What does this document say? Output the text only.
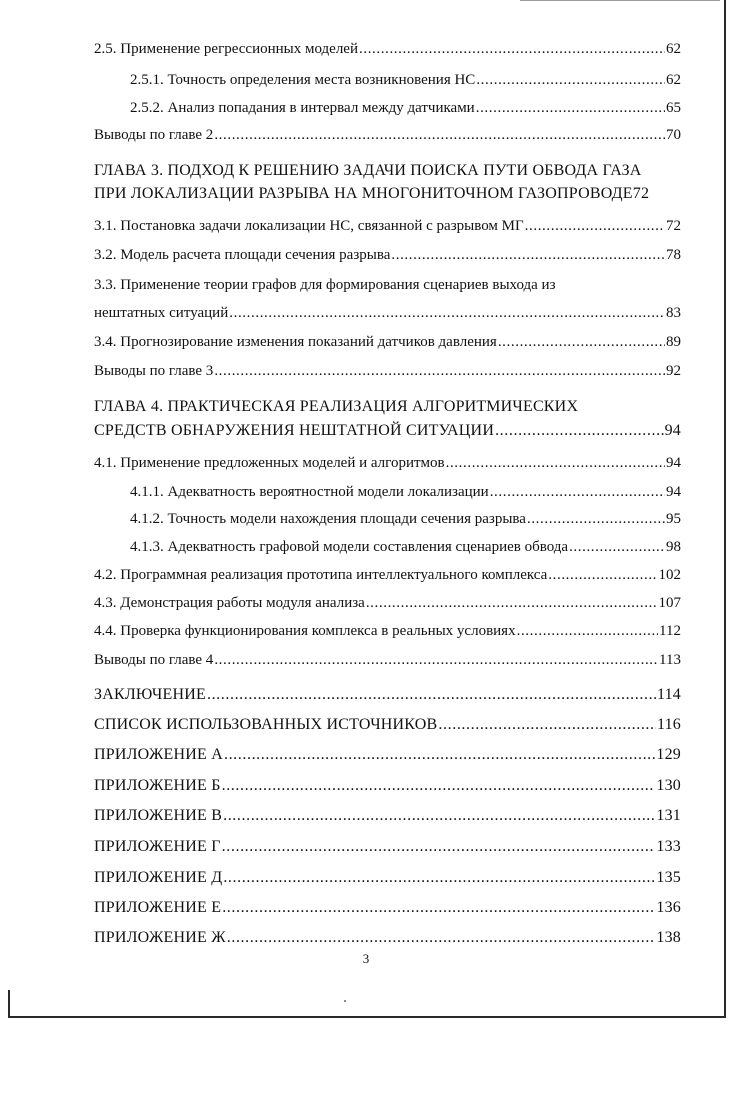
2.5. Применение регрессионных моделей .....	62
2.5.1. Точность определения места возникновения НС .....	62
2.5.2. Анализ попадания в интервал между датчиками .....	65
Выводы по главе 2 .....	70
ГЛАВА 3. ПОДХОД К РЕШЕНИЮ ЗАДАЧИ ПОИСКА ПУТИ ОБВОДА ГАЗА
ПРИ ЛОКАЛИЗАЦИИ РАЗРЫВА НА МНОГОНИТОЧНОМ ГАЗОПРОВОДЕ 72
3.1. Постановка задачи локализации НС, связанной с разрывом МГ .....	72
3.2. Модель расчета площади сечения разрыва .....	78
3.3. Применение теории графов для формирования сценариев выхода из
нештатных ситуаций .....	83
3.4. Прогнозирование изменения показаний датчиков давления .....	89
Выводы по главе 3 .....	92
ГЛАВА 4. ПРАКТИЧЕСКАЯ РЕАЛИЗАЦИЯ АЛГОРИТМИЧЕСКИХ
СРЕДСТВ ОБНАРУЖЕНИЯ НЕШТАТНОЙ СИТУАЦИИ .....	94
4.1. Применение предложенных моделей и алгоритмов .....	94
4.1.1. Адекватность вероятностной модели локализации .....	94
4.1.2. Точность модели нахождения площади сечения разрыва .....	95
4.1.3. Адекватность графовой модели составления сценариев обвода .....	98
4.2. Программная реализация прототипа интеллектуального комплекса .....	102
4.3. Демонстрация работы модуля анализа .....	107
4.4. Проверка функционирования комплекса в реальных условиях .....	112
Выводы по главе 4 .....	113
ЗАКЛЮЧЕНИЕ .....	114
СПИСОК ИСПОЛЬЗОВАННЫХ ИСТОЧНИКОВ .....	116
ПРИЛОЖЕНИЕ А .....	129
ПРИЛОЖЕНИЕ Б .....	130
ПРИЛОЖЕНИЕ В .....	131
ПРИЛОЖЕНИЕ Г .....	133
ПРИЛОЖЕНИЕ Д .....	135
ПРИЛОЖЕНИЕ Е .....	136
ПРИЛОЖЕНИЕ Ж .....	138
3
